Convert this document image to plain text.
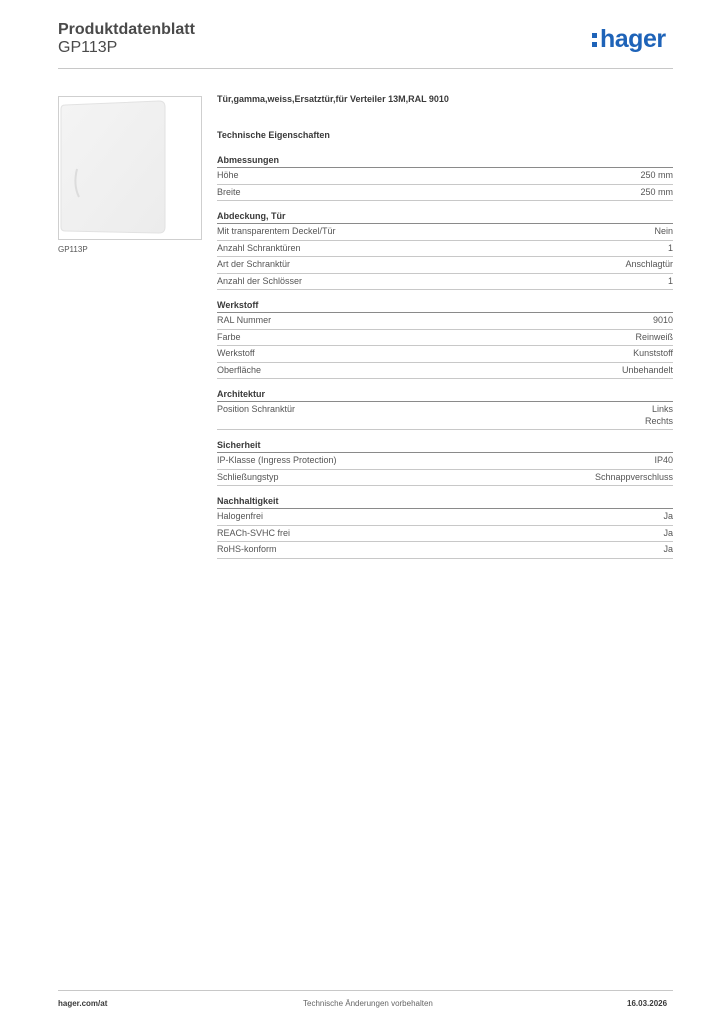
Produktdatenblatt
GP113P	hager
GP113P
Tür,gamma,weiss,Ersatztür,für Verteiler 13M,RAL 9010
Technische Eigenschaften
Abmessungen
Höhe	250 mm
Breite	250 mm
Abdeckung, Tür
Mit transparentem Deckel/Tür	Nein
Anzahl Schranktüren	1
Art der Schranktür	Anschlagtür
Anzahl der Schlösser	1
Werkstoff
RAL Nummer	9010
Farbe	Reinweiß
Werkstoff	Kunststoff
Oberfläche	Unbehandelt
Architektur
Position Schranktür	Links
Rechts
Sicherheit
IP-Klasse (Ingress Protection)	IP40
Schließungstyp	Schnappverschluss
Nachhaltigkeit
Halogenfrei	Ja
REACh-SVHC frei	Ja
RoHS-konform	Ja
hager.com/at	Technische Änderungen vorbehalten	16.03.2026
